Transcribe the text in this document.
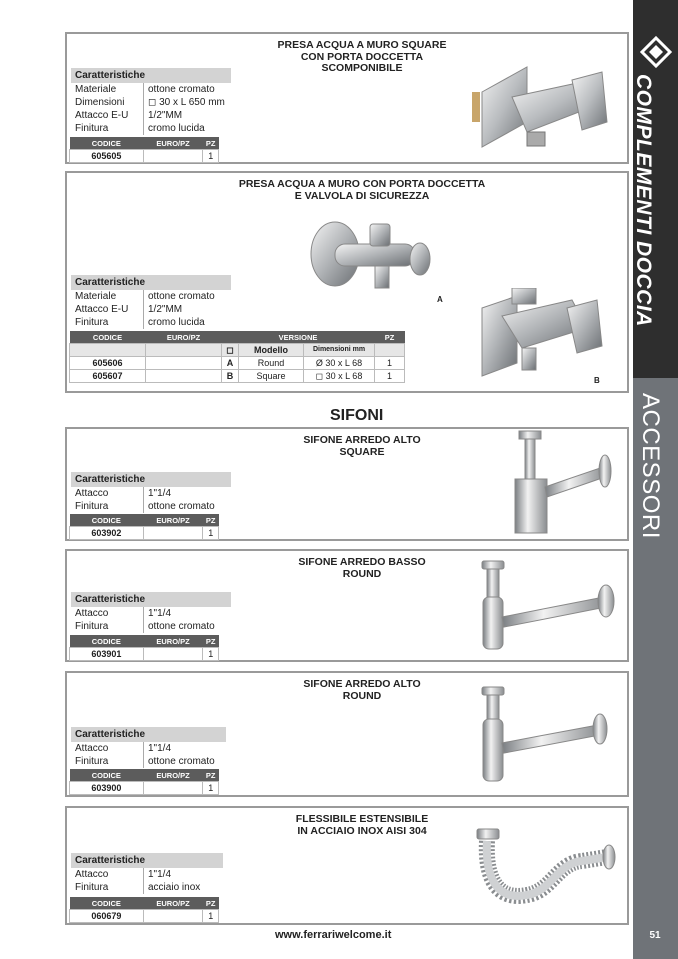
COMPLEMENTI DOCCIA
ACCESSORI
51
PRESA ACQUA A MURO SQUARE
CON PORTA DOCCETTA
SCOMPONIBILE
Caratteristiche
Materiale	ottone cromato
Dimensioni	◻ 30 x L 650 mm
Attacco E-U	1/2"MM
Finitura	cromo lucida
CODICE	EURO/PZ	PZ
605605		1
PRESA ACQUA A MURO CON PORTA DOCCETTA
E VALVOLA DI SICUREZZA
Caratteristiche
Materiale	ottone cromato
Attacco E-U	1/2"MM
Finitura	cromo lucida
CODICE	EURO/PZ	VERSIONE			PZ
		◻	Modello	Dimensioni mm	
605606		A	Round	Ø 30 x L 68	1
605607		B	Square	◻ 30 x L 68	1
A
B
SIFONI
SIFONE ARREDO ALTO
SQUARE
Caratteristiche
Attacco	1"1/4
Finitura	ottone cromato
CODICE	EURO/PZ	PZ
603902		1
SIFONE ARREDO BASSO
ROUND
Caratteristiche
Attacco	1"1/4
Finitura	ottone cromato
CODICE	EURO/PZ	PZ
603901		1
SIFONE ARREDO ALTO
ROUND
Caratteristiche
Attacco	1"1/4
Finitura	ottone cromato
CODICE	EURO/PZ	PZ
603900		1
FLESSIBILE ESTENSIBILE
IN ACCIAIO INOX AISI 304
Caratteristiche
Attacco	1"1/4
Finitura	acciaio inox
CODICE	EURO/PZ	PZ
060679		1
www.ferrariwelcome.it
